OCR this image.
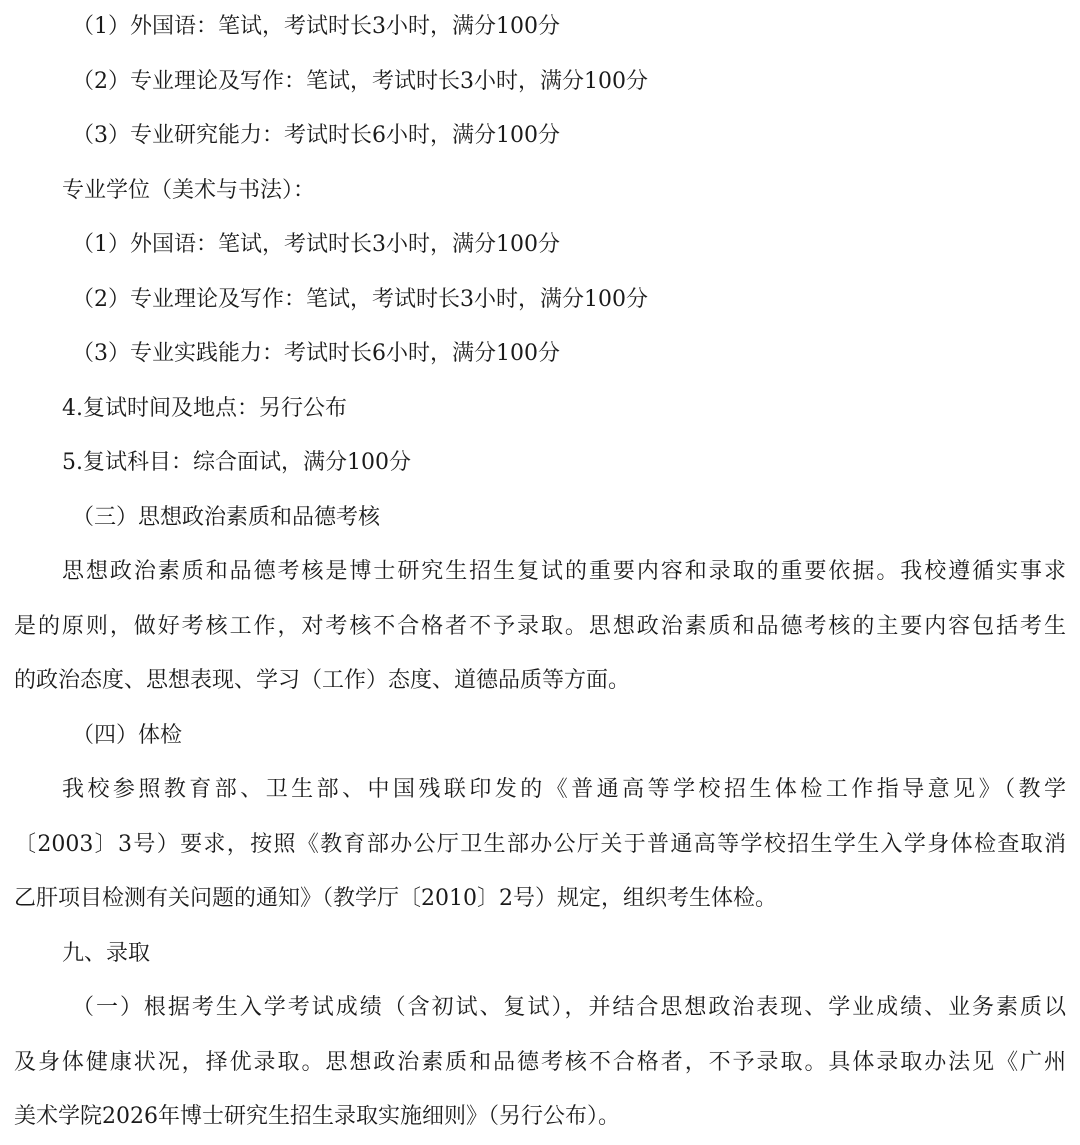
（1）外国语：笔试，考试时长3小时，满分100分
（2）专业理论及写作：笔试，考试时长3小时，满分100分
（3）专业研究能力：考试时长6小时，满分100分
专业学位（美术与书法）：
（1）外国语：笔试，考试时长3小时，满分100分
（2）专业理论及写作：笔试，考试时长3小时，满分100分
（3）专业实践能力：考试时长6小时，满分100分
4.复试时间及地点：另行公布
5.复试科目：综合面试，满分100分
（三）思想政治素质和品德考核
思想政治素质和品德考核是博士研究生招生复试的重要内容和录取的重要依据。我校遵循实事求
是的原则，做好考核工作，对考核不合格者不予录取。思想政治素质和品德考核的主要内容包括考生
的政治态度、思想表现、学习（工作）态度、道德品质等方面。
（四）体检
我校参照教育部、卫生部、中国残联印发的《普通高等学校招生体检工作指导意见》（教学
〔2003〕3号）要求，按照《教育部办公厅卫生部办公厅关于普通高等学校招生学生入学身体检查取消
乙肝项目检测有关问题的通知》（教学厅〔2010〕2号）规定，组织考生体检。
九、录取
（一）根据考生入学考试成绩（含初试、复试），并结合思想政治表现、学业成绩、业务素质以
及身体健康状况，择优录取。思想政治素质和品德考核不合格者，不予录取。具体录取办法见《广州
美术学院2026年博士研究生招生录取实施细则》（另行公布）。
